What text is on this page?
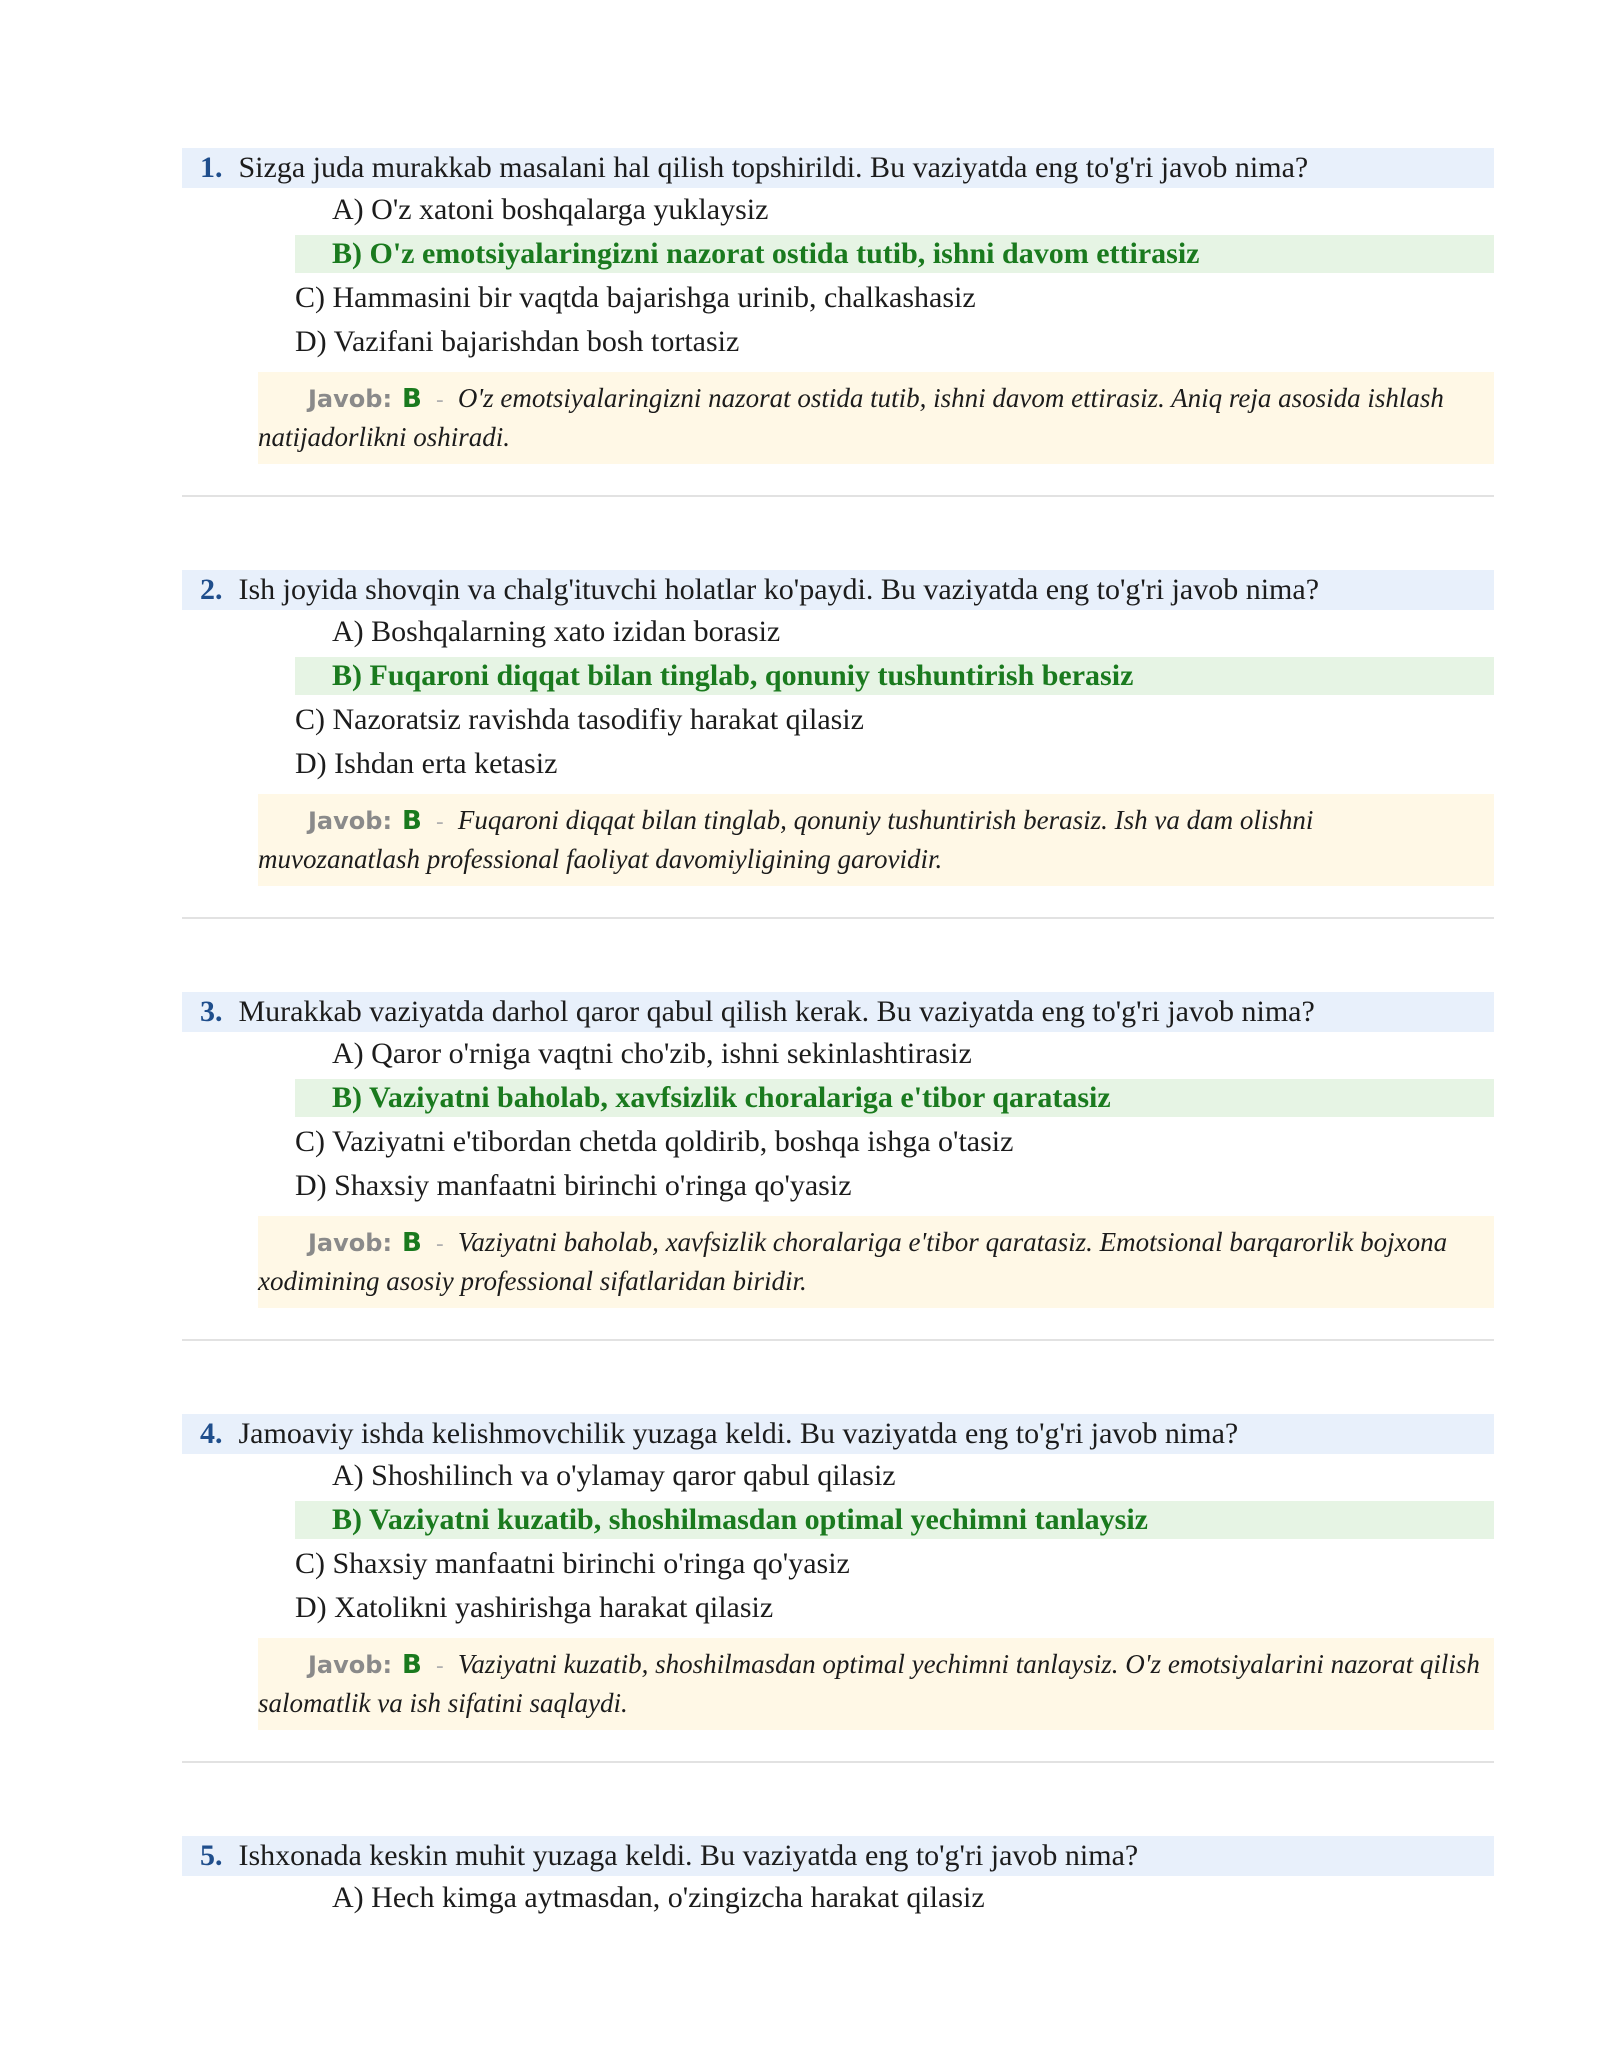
1. Sizga juda murakkab masalani hal qilish topshirildi. Bu vaziyatda eng to'g'ri javob nima?
A) O'z xatoni boshqalarga yuklaysiz
B) O'z emotsiyalaringizni nazorat ostida tutib, ishni davom ettirasiz
C) Hammasini bir vaqtda bajarishga urinib, chalkashasiz
D) Vazifani bajarishdan bosh tortasiz
Javob: B - O'z emotsiyalaringizni nazorat ostida tutib, ishni davom ettirasiz. Aniq reja asosida ishlash natijadorlikni oshiradi.
2. Ish joyida shovqin va chalg'ituvchi holatlar ko'paydi. Bu vaziyatda eng to'g'ri javob nima?
A) Boshqalarning xato izidan borasiz
B) Fuqaroni diqqat bilan tinglab, qonuniy tushuntirish berasiz
C) Nazoratsiz ravishda tasodifiy harakat qilasiz
D) Ishdan erta ketasiz
Javob: B - Fuqaroni diqqat bilan tinglab, qonuniy tushuntirish berasiz. Ish va dam olishni muvozanatlash professional faoliyat davomiyligining garovidir.
3. Murakkab vaziyatda darhol qaror qabul qilish kerak. Bu vaziyatda eng to'g'ri javob nima?
A) Qaror o'rniga vaqtni cho'zib, ishni sekinlashtirasiz
B) Vaziyatni baholab, xavfsizlik choralariga e'tibor qaratasiz
C) Vaziyatni e'tibordan chetda qoldirib, boshqa ishga o'tasiz
D) Shaxsiy manfaatni birinchi o'ringa qo'yasiz
Javob: B - Vaziyatni baholab, xavfsizlik choralariga e'tibor qaratasiz. Emotsional barqarorlik bojxona xodimining asosiy professional sifatlaridan biridir.
4. Jamoaviy ishda kelishmovchilik yuzaga keldi. Bu vaziyatda eng to'g'ri javob nima?
A) Shoshilinch va o'ylamay qaror qabul qilasiz
B) Vaziyatni kuzatib, shoshilmasdan optimal yechimni tanlaysiz
C) Shaxsiy manfaatni birinchi o'ringa qo'yasiz
D) Xatolikni yashirishga harakat qilasiz
Javob: B - Vaziyatni kuzatib, shoshilmasdan optimal yechimni tanlaysiz. O'z emotsiyalarini nazorat qilish salomatlik va ish sifatini saqlaydi.
5. Ishxonada keskin muhit yuzaga keldi. Bu vaziyatda eng to'g'ri javob nima?
A) Hech kimga aytmasdan, o'zingizcha harakat qilasiz
